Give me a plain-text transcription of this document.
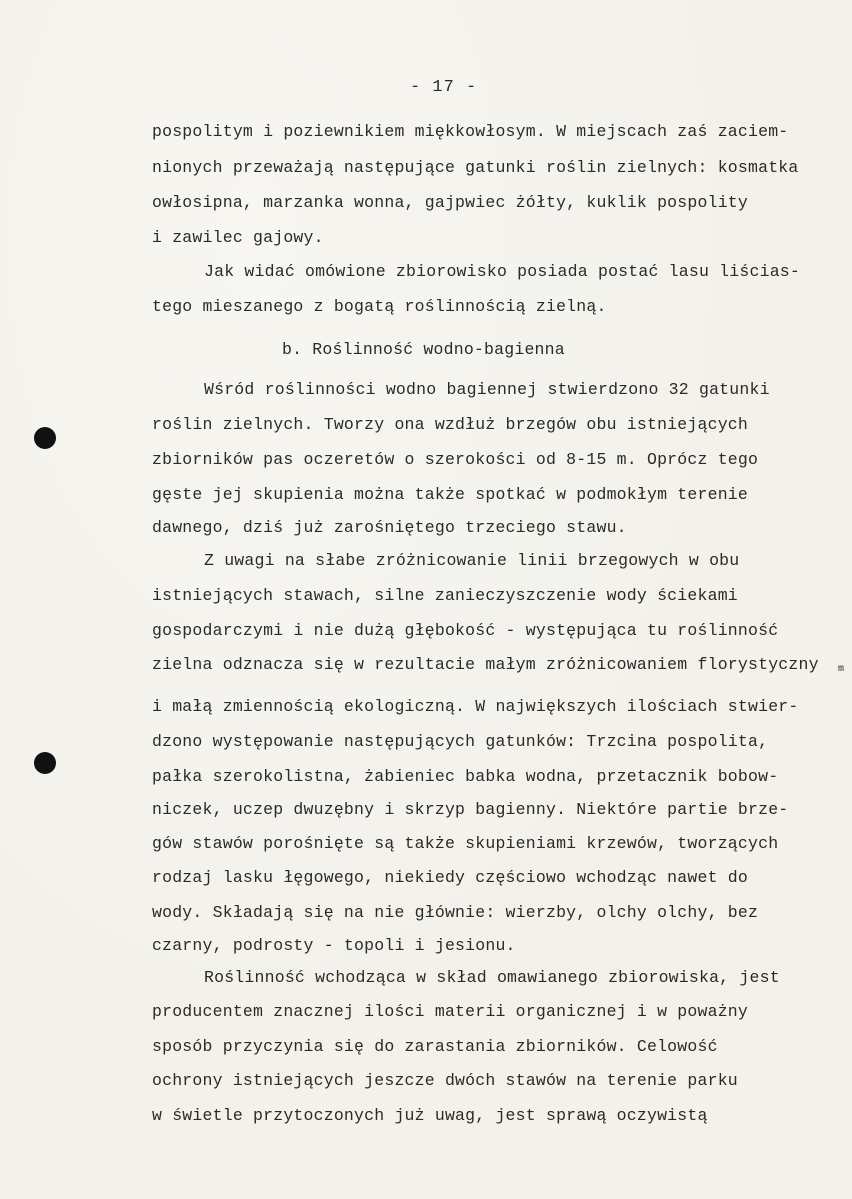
- 17 -
pospolitym i poziewnikiem miękkowłosym. W miejscach zaś zaciem-
nionych przeważają następujące gatunki roślin zielnych: kosmatka
owłosipna, marzanka wonna, gajpwiec żółty, kuklik pospolity
i zawilec gajowy.
Jak widać omówione zbiorowisko posiada postać lasu liścias-
tego mieszanego z bogatą roślinnością zielną.
b. Roślinność wodno-bagienna
Wśród roślinności wodno bagiennej stwierdzono 32 gatunki
roślin zielnych. Tworzy ona wzdłuż brzegów obu istniejących
zbiorników pas oczeretów o szerokości od 8-15 m. Oprócz tego
gęste jej skupienia można także spotkać w podmokłym terenie
dawnego, dziś już zarośniętego trzeciego stawu.
Z uwagi na słabe zróżnicowanie linii brzegowych w obu
istniejących stawach, silne zanieczyszczenie wody ściekami
gospodarczymi i nie dużą głębokość - występująca tu roślinność
zielna odznacza się w rezultacie małym zróżnicowaniem florystyczny
i małą zmiennością ekologiczną. W największych ilościach stwier-
dzono występowanie następujących gatunków: Trzcina pospolita,
pałka szerokolistna, żabieniec babka wodna, przetacznik bobow-
niczek, uczep dwuzębny i skrzyp bagienny. Niektóre partie brze-
gów stawów porośnięte są także skupieniami krzewów, tworzących
rodzaj lasku łęgowego, niekiedy częściowo wchodząc nawet do
wody. Składają się na nie głównie: wierzby, olchy olchy, bez
czarny, podrosty - topoli i jesionu.
Roślinność wchodząca w skład omawianego zbiorowiska, jest
producentem znacznej ilości materii organicznej i w poważny
sposób przyczynia się do zarastania zbiorników. Celowość
ochrony istniejących jeszcze dwóch stawów na terenie parku
w świetle przytoczonych już uwag, jest sprawą oczywistą
m
